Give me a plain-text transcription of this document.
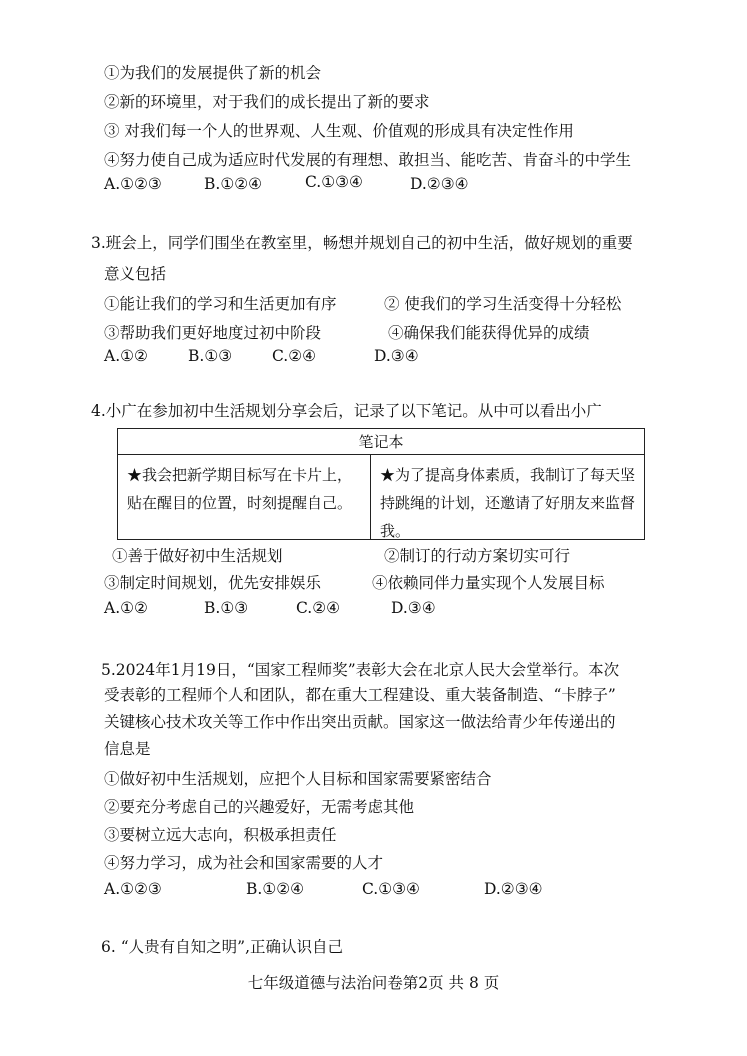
①为我们的发展提供了新的机会
②新的环境里，对于我们的成长提出了新的要求
③ 对我们每一个人的世界观、人生观、价值观的形成具有决定性作用
④努力使自己成为适应时代发展的有理想、敢担当、能吃苦、肯奋斗的中学生
A.①②③	B.①②④	C.①③④	D.②③④
3.班会上，同学们围坐在教室里，畅想并规划自己的初中生活，做好规划的重要
意义包括
①能让我们的学习和生活更加有序	② 使我们的学习生活变得十分轻松
③帮助我们更好地度过初中阶段	④确保我们能获得优异的成绩
A.①②	B.①③	C.②④	D.③④
4.小广在参加初中生活规划分享会后，记录了以下笔记。从中可以看出小广
笔记本
★我会把新学期目标写在卡片上，贴在醒目的位置，时刻提醒自己。
★为了提高身体素质，我制订了每天坚持跳绳的计划，还邀请了好朋友来监督我。
①善于做好初中生活规划	②制订的行动方案切实可行
③制定时间规划，优先安排娱乐	④依赖同伴力量实现个人发展目标
A.①②	B.①③	C.②④	D.③④
5.2024年1月19日，“国家工程师奖”表彰大会在北京人民大会堂举行。本次
受表彰的工程师个人和团队，都在重大工程建设、重大装备制造、“卡脖子”
关键核心技术攻关等工作中作出突出贡献。国家这一做法给青少年传递出的
信息是
①做好初中生活规划，应把个人目标和国家需要紧密结合
②要充分考虑自己的兴趣爱好，无需考虑其他
③要树立远大志向，积极承担责任
④努力学习，成为社会和国家需要的人才
A.①②③	B.①②④	C.①③④	D.②③④
6. “人贵有自知之明”,正确认识自己
七年级道德与法治问卷第2页 共 8 页
